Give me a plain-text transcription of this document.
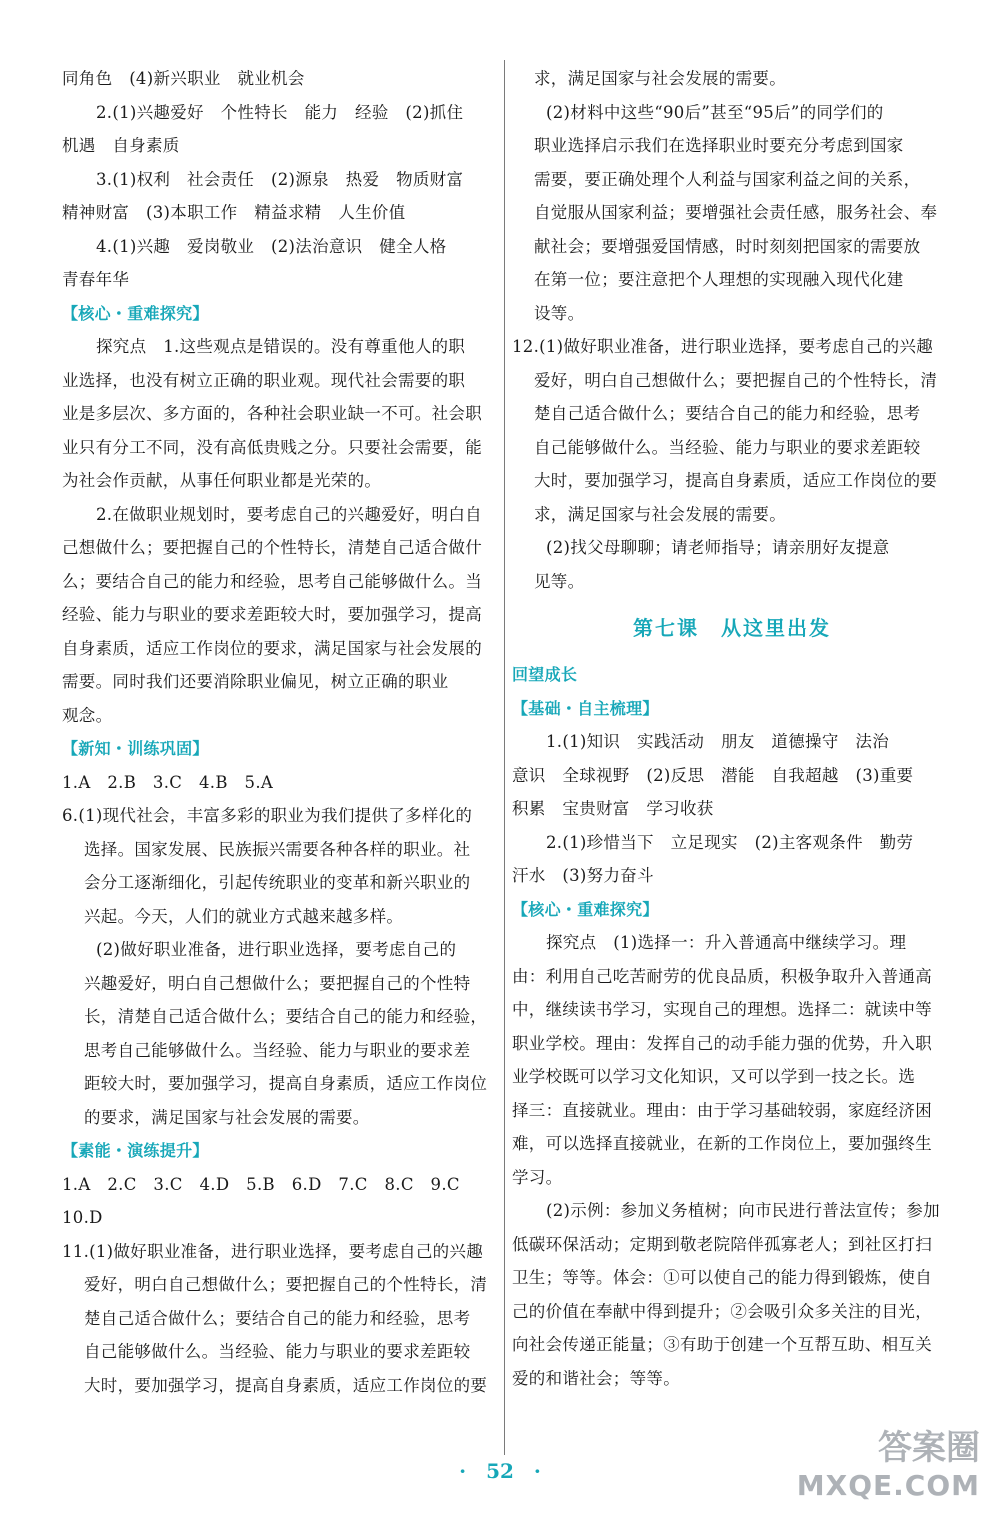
同角色　(4)新兴职业　就业机会
2.(1)兴趣爱好　个性特长　能力　经验　(2)抓住
机遇　自身素质
3.(1)权利　社会责任　(2)源泉　热爱　物质财富
精神财富　(3)本职工作　精益求精　人生价值
4.(1)兴趣　爱岗敬业　(2)法治意识　健全人格
青春年华
【核心・重难探究】
探究点　1.这些观点是错误的。没有尊重他人的职
业选择，也没有树立正确的职业观。现代社会需要的职
业是多层次、多方面的，各种社会职业缺一不可。社会职
业只有分工不同，没有高低贵贱之分。只要社会需要，能
为社会作贡献，从事任何职业都是光荣的。
2.在做职业规划时，要考虑自己的兴趣爱好，明白自
己想做什么；要把握自己的个性特长，清楚自己适合做什
么；要结合自己的能力和经验，思考自己能够做什么。当
经验、能力与职业的要求差距较大时，要加强学习，提高
自身素质，适应工作岗位的要求，满足国家与社会发展的
需要。同时我们还要消除职业偏见，树立正确的职业
观念。
【新知・训练巩固】
1.A　2.B　3.C　4.B　5.A
6.(1)现代社会，丰富多彩的职业为我们提供了多样化的
选择。国家发展、民族振兴需要各种各样的职业。社
会分工逐渐细化，引起传统职业的变革和新兴职业的
兴起。今天，人们的就业方式越来越多样。
(2)做好职业准备，进行职业选择，要考虑自己的
兴趣爱好，明白自己想做什么；要把握自己的个性特
长，清楚自己适合做什么；要结合自己的能力和经验，
思考自己能够做什么。当经验、能力与职业的要求差
距较大时，要加强学习，提高自身素质，适应工作岗位
的要求，满足国家与社会发展的需要。
【素能・演练提升】
1.A　2.C　3.C　4.D　5.B　6.D　7.C　8.C　9.C
10.D
11.(1)做好职业准备，进行职业选择，要考虑自己的兴趣
爱好，明白自己想做什么；要把握自己的个性特长，清
楚自己适合做什么；要结合自己的能力和经验，思考
自己能够做什么。当经验、能力与职业的要求差距较
大时，要加强学习，提高自身素质，适应工作岗位的要
求，满足国家与社会发展的需要。
(2)材料中这些“90后”甚至“95后”的同学们的
职业选择启示我们在选择职业时要充分考虑到国家
需要，要正确处理个人利益与国家利益之间的关系，
自觉服从国家利益；要增强社会责任感，服务社会、奉
献社会；要增强爱国情感，时时刻刻把国家的需要放
在第一位；要注意把个人理想的实现融入现代化建
设等。
12.(1)做好职业准备，进行职业选择，要考虑自己的兴趣
爱好，明白自己想做什么；要把握自己的个性特长，清
楚自己适合做什么；要结合自己的能力和经验，思考
自己能够做什么。当经验、能力与职业的要求差距较
大时，要加强学习，提高自身素质，适应工作岗位的要
求，满足国家与社会发展的需要。
(2)找父母聊聊；请老师指导；请亲朋好友提意
见等。
第七课　从这里出发
回望成长
【基础・自主梳理】
1.(1)知识　实践活动　朋友　道德操守　法治
意识　全球视野　(2)反思　潜能　自我超越　(3)重要
积累　宝贵财富　学习收获
2.(1)珍惜当下　立足现实　(2)主客观条件　勤劳
汗水　(3)努力奋斗
【核心・重难探究】
探究点　(1)选择一：升入普通高中继续学习。理
由：利用自己吃苦耐劳的优良品质，积极争取升入普通高
中，继续读书学习，实现自己的理想。选择二：就读中等
职业学校。理由：发挥自己的动手能力强的优势，升入职
业学校既可以学习文化知识，又可以学到一技之长。选
择三：直接就业。理由：由于学习基础较弱，家庭经济困
难，可以选择直接就业，在新的工作岗位上，要加强终生
学习。
(2)示例：参加义务植树；向市民进行普法宣传；参加
低碳环保活动；定期到敬老院陪伴孤寡老人；到社区打扫
卫生；等等。体会：①可以使自己的能力得到锻炼，使自
己的价值在奉献中得到提升；②会吸引众多关注的目光，
向社会传递正能量；③有助于创建一个互帮互助、相互关
爱的和谐社会；等等。
·　52　·
答案圈
MXQE.COM
